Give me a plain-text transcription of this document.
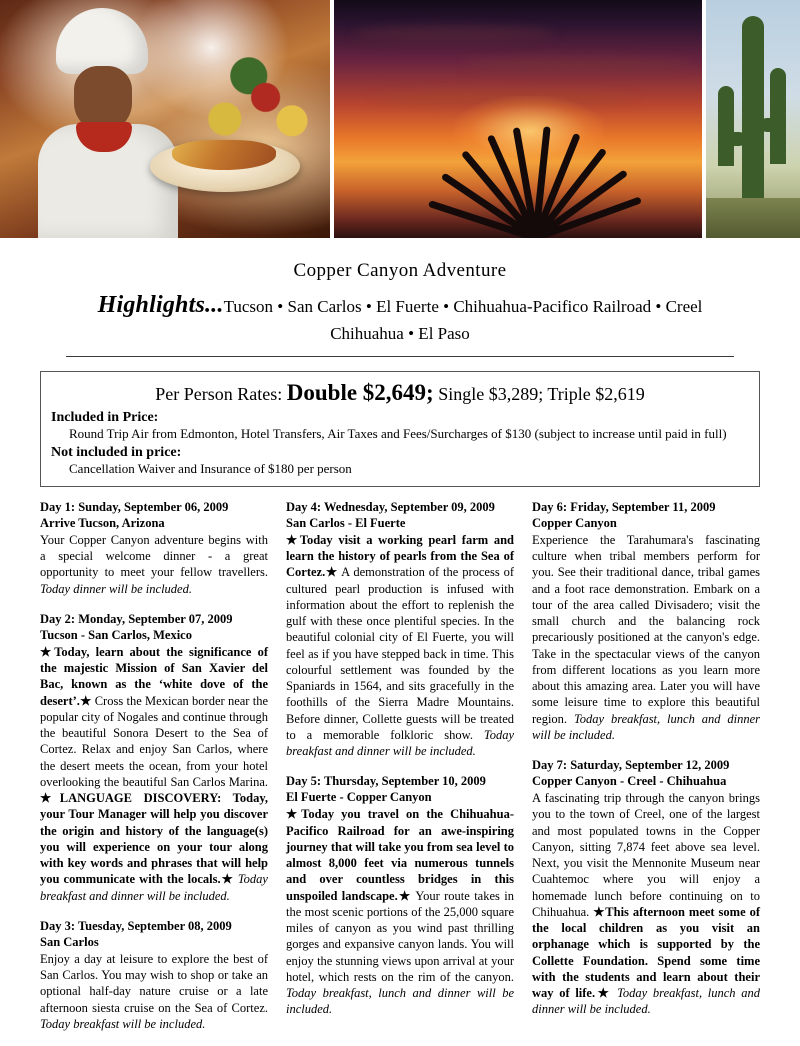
Copper Canyon Adventure
Highlights...Tucson • San Carlos • El Fuerte • Chihuahua-Pacifico Railroad • Creel
Chihuahua • El Paso
Per Person Rates: Double $2,649; Single $3,289; Triple $2,619
Included in Price:
Round Trip Air from Edmonton, Hotel Transfers, Air Taxes and Fees/Surcharges of $130 (subject to increase until paid in full)
Not included in price:
Cancellation Waiver and Insurance of $180 per person
Day 1: Sunday, September 06, 2009
Arrive Tucson, Arizona
Your Copper Canyon adventure begins with a special welcome dinner - a great opportunity to meet your fellow travellers. Today dinner will be included.
Day 2: Monday, September 07, 2009
Tucson - San Carlos, Mexico
★Today, learn about the significance of the majestic Mission of San Xavier del Bac, known as the ‘white dove of the desert’.★ Cross the Mexican border near the popular city of Nogales and continue through the beautiful Sonora Desert to the Sea of Cortez. Relax and enjoy San Carlos, where the desert meets the ocean, from your hotel overlooking the beautiful San Carlos Marina. ★LANGUAGE DISCOVERY: Today, your Tour Manager will help you discover the origin and history of the language(s) you will experience on your tour along with key words and phrases that will help you communicate with the locals.★ Today breakfast and dinner will be included.
Day 3: Tuesday, September 08, 2009
San Carlos
Enjoy a day at leisure to explore the best of San Carlos. You may wish to shop or take an optional half-day nature cruise or a late afternoon siesta cruise on the Sea of Cortez. Today breakfast will be included.
Day 4: Wednesday, September 09, 2009
San Carlos - El Fuerte
★Today visit a working pearl farm and learn the history of pearls from the Sea of Cortez.★ A demonstration of the process of cultured pearl production is infused with information about the effort to replenish the gulf with these once plentiful species. In the beautiful colonial city of El Fuerte, you will feel as if you have stepped back in time. This colourful settlement was founded by the Spaniards in 1564, and sits gracefully in the foothills of the Sierra Madre Mountains. Before dinner, Collette guests will be treated to a memorable folkloric show. Today breakfast and dinner will be included.
Day 5: Thursday, September 10, 2009
El Fuerte - Copper Canyon
★Today you travel on the Chihuahua-Pacifico Railroad for an awe-inspiring journey that will take you from sea level to almost 8,000 feet via numerous tunnels and over countless bridges in this unspoiled landscape.★ Your route takes in the most scenic portions of the 25,000 square miles of canyon as you wind past thrilling gorges and expansive canyon lands. You will enjoy the stunning views upon arrival at your hotel, which rests on the rim of the canyon. Today breakfast, lunch and dinner will be included.
Day 6: Friday, September 11, 2009
Copper Canyon
Experience the Tarahumara's fascinating culture when tribal members perform for you. See their traditional dance, tribal games and a foot race demonstration. Embark on a tour of the area called Divisadero; visit the small church and the balancing rock precariously positioned at the canyon's edge. Take in the spectacular views of the canyon from different locations as you learn more about this amazing area. Later you will have some leisure time to explore this beautiful region. Today breakfast, lunch and dinner will be included.
Day 7: Saturday, September 12, 2009
Copper Canyon - Creel - Chihuahua
A fascinating trip through the canyon brings you to the town of Creel, one of the largest and most populated towns in the Copper Canyon, sitting 7,874 feet above sea level. Next, you visit the Mennonite Museum near Cuahtemoc where you will enjoy a homemade lunch before continuing on to Chihuahua. ★This afternoon meet some of the local children as you visit an orphanage which is supported by the Collette Foundation. Spend some time with the students and learn about their way of life.★ Today breakfast, lunch and dinner will be included.
